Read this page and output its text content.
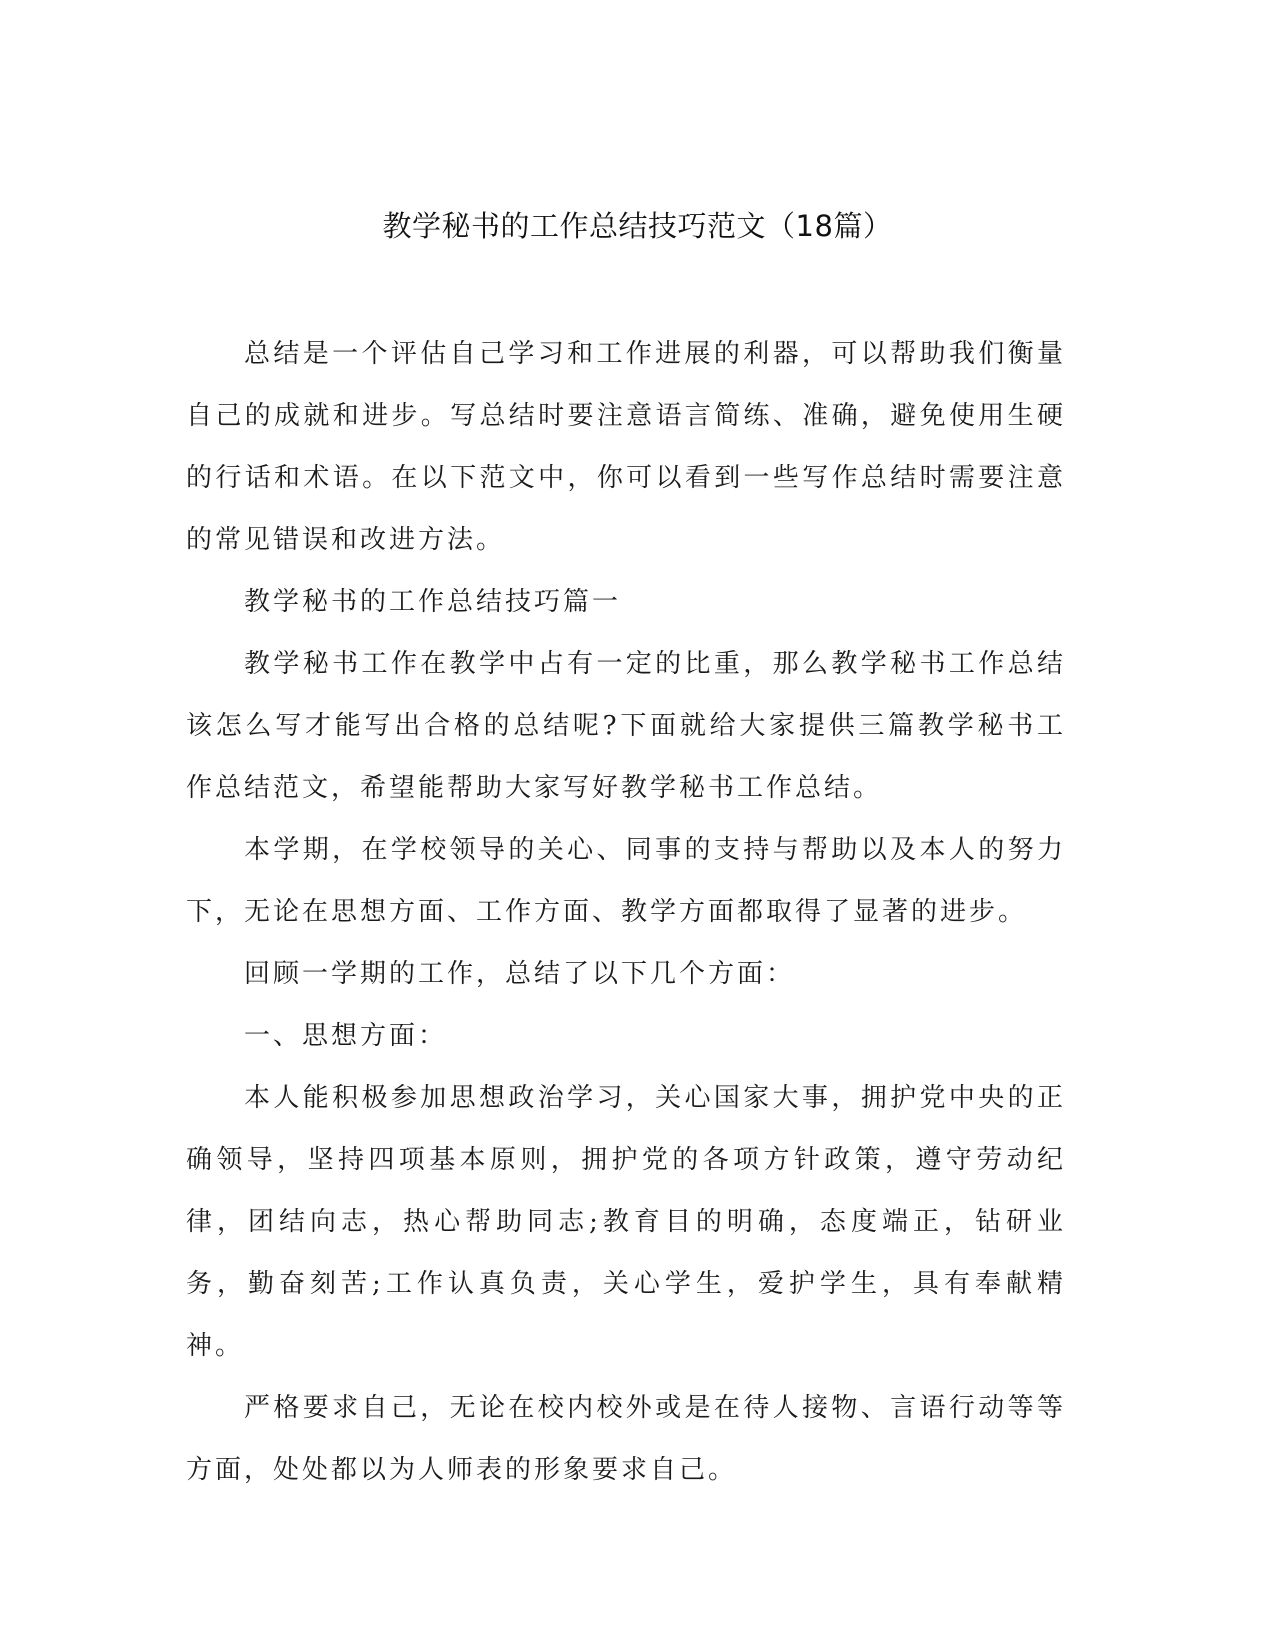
教学秘书的工作总结技巧范文（18篇）

总结是一个评估自己学习和工作进展的利器，可以帮助我们衡量自己的成就和进步。写总结时要注意语言简练、准确，避免使用生硬的行话和术语。在以下范文中，你可以看到一些写作总结时需要注意的常见错误和改进方法。

教学秘书的工作总结技巧篇一

教学秘书工作在教学中占有一定的比重，那么教学秘书工作总结该怎么写才能写出合格的总结呢?下面就给大家提供三篇教学秘书工作总结范文，希望能帮助大家写好教学秘书工作总结。

本学期，在学校领导的关心、同事的支持与帮助以及本人的努力下，无论在思想方面、工作方面、教学方面都取得了显著的进步。

回顾一学期的工作，总结了以下几个方面：

一、思想方面：

本人能积极参加思想政治学习，关心国家大事，拥护党中央的正确领导，坚持四项基本原则，拥护党的各项方针政策，遵守劳动纪律，团结向志，热心帮助同志;教育目的明确，态度端正，钻研业务，勤奋刻苦;工作认真负责，关心学生，爱护学生，具有奉献精神。

严格要求自己，无论在校内校外或是在待人接物、言语行动等等方面，处处都以为人师表的形象要求自己。
